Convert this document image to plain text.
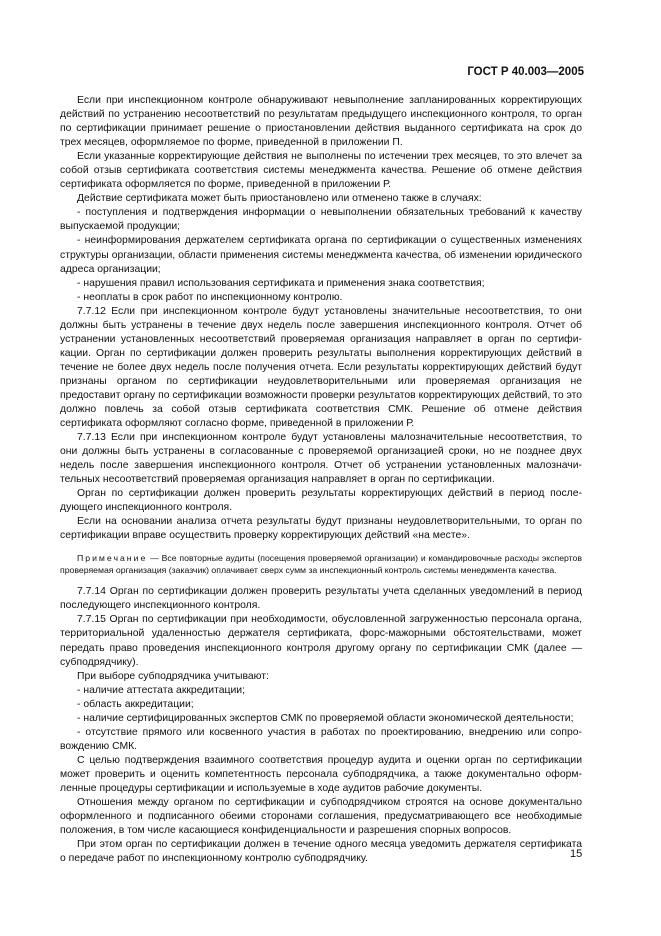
ГОСТ Р 40.003—2005

Если при инспекционном контроле обнаруживают невыполнение запланированных корректирующих действий по устранению несоответствий по результатам предыдущего инспекционного контроля, то орган по сертификации принимает решение о приостановлении действия выданного сертификата на срок до трех месяцев, оформляемое по форме, приведенной в приложении П.

Если указанные корректирующие действия не выполнены по истечении трех месяцев, то это влечет за собой отзыв сертификата соответствия системы менеджмента качества. Решение об отмене действия сертификата оформляется по форме, приведенной в приложении Р.

Действие сертификата может быть приостановлено или отменено также в случаях:

- поступления и подтверждения информации о невыполнении обязательных требований к качеству выпускаемой продукции;

- неинформирования держателем сертификата органа по сертификации о существенных изменениях структуры организации, области применения системы менеджмента качества, об изменении юридического адреса организации;

- нарушения правил использования сертификата и применения знака соответствия;

- неоплаты в срок работ по инспекционному контролю.

7.7.12 Если при инспекционном контроле будут установлены значительные несоответствия, то они должны быть устранены в течение двух недель после завершения инспекционного контроля. Отчет об устранении установленных несоответствий проверяемая организация направляет в орган по сертификации. Орган по сертификации должен проверить результаты выполнения корректирующих действий в течение не более двух недель после получения отчета. Если результаты корректирующих действий будут признаны органом по сертификации неудовлетворительными или проверяемая организация не предоставит органу по сертификации возможности проверки результатов корректирующих действий, то это должно повлечь за собой отзыв сертификата соответствия СМК. Решение об отмене действия сертификата оформляют согласно форме, приведенной в приложении Р.

7.7.13 Если при инспекционном контроле будут установлены малозначительные несоответствия, то они должны быть устранены в согласованные с проверяемой организацией сроки, но не позднее двух недель после завершения инспекционного контроля. Отчет об устранении установленных малозначительных несоответствий проверяемая организация направляет в орган по сертификации.

Орган по сертификации должен проверить результаты корректирующих действий в период последующего инспекционного контроля.

Если на основании анализа отчета результаты будут признаны неудовлетворительными, то орган по сертификации вправе осуществить проверку корректирующих действий «на месте».

Примечание — Все повторные аудиты (посещения проверяемой организации) и командировочные расходы экспертов проверяемая организация (заказчик) оплачивает сверх сумм за инспекционный контроль системы менеджмента качества.

7.7.14 Орган по сертификации должен проверить результаты учета сделанных уведомлений в период последующего инспекционного контроля.

7.7.15 Орган по сертификации при необходимости, обусловленной загруженностью персонала органа, территориальной удаленностью держателя сертификата, форс-мажорными обстоятельствами, может передать право проведения инспекционного контроля другому органу по сертификации СМК (далее — субподрядчику).

При выборе субподрядчика учитывают:

- наличие аттестата аккредитации;

- область аккредитации;

- наличие сертифицированных экспертов СМК по проверяемой области экономической деятельности;

- отсутствие прямого или косвенного участия в работах по проектированию, внедрению или сопровождению СМК.

С целью подтверждения взаимного соответствия процедур аудита и оценки орган по сертификации может проверить и оценить компетентность персонала субподрядчика, а также документально оформленные процедуры сертификации и используемые в ходе аудитов рабочие документы.

Отношения между органом по сертификации и субподрядчиком строятся на основе документально оформленного и подписанного обеими сторонами соглашения, предусматривающего все необходимые положения, в том числе касающиеся конфиденциальности и разрешения спорных вопросов.

При этом орган по сертификации должен в течение одного месяца уведомить держателя сертификата о передаче работ по инспекционному контролю субподрядчику.	15
